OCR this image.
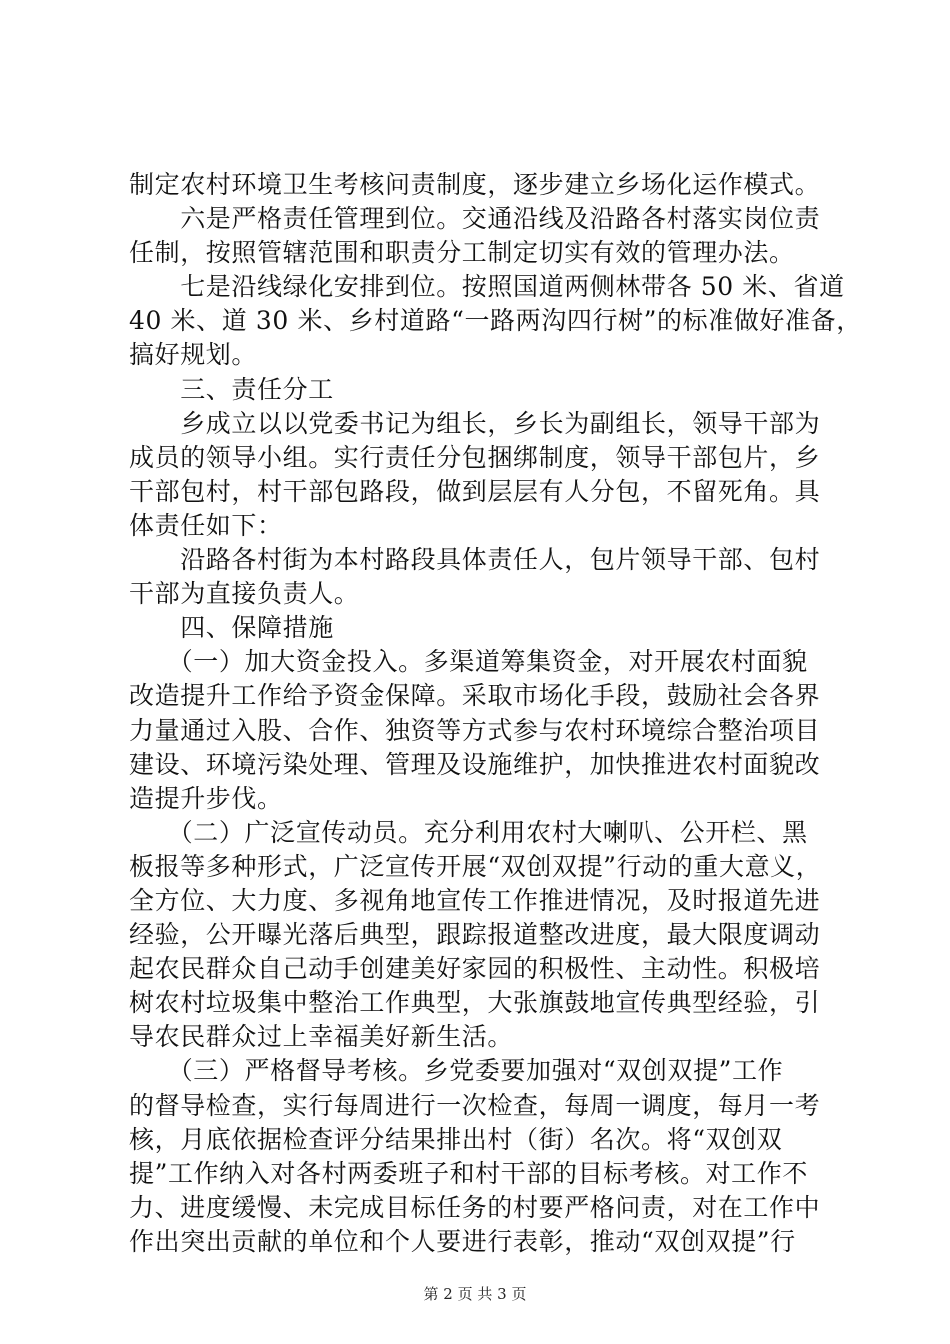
制定农村环境卫生考核问责制度，逐步建立乡场化运作模式。
　　六是严格责任管理到位。交通沿线及沿路各村落实岗位责
任制，按照管辖范围和职责分工制定切实有效的管理办法。
　　七是沿线绿化安排到位。按照国道两侧林带各 50 米、省道
40 米、道 30 米、乡村道路“一路两沟四行树”的标准做好准备，
搞好规划。
　　三、责任分工
　　乡成立以以党委书记为组长，乡长为副组长，领导干部为
成员的领导小组。实行责任分包捆绑制度，领导干部包片，乡
干部包村，村干部包路段，做到层层有人分包，不留死角。具
体责任如下：
　　沿路各村街为本村路段具体责任人，包片领导干部、包村
干部为直接负责人。
　　四、保障措施
　　（一）加大资金投入。多渠道筹集资金，对开展农村面貌
改造提升工作给予资金保障。采取市场化手段，鼓励社会各界
力量通过入股、合作、独资等方式参与农村环境综合整治项目
建设、环境污染处理、管理及设施维护，加快推进农村面貌改
造提升步伐。
　　（二）广泛宣传动员。充分利用农村大喇叭、公开栏、黑
板报等多种形式，广泛宣传开展“双创双提”行动的重大意义，
全方位、大力度、多视角地宣传工作推进情况，及时报道先进
经验，公开曝光落后典型，跟踪报道整改进度，最大限度调动
起农民群众自己动手创建美好家园的积极性、主动性。积极培
树农村垃圾集中整治工作典型，大张旗鼓地宣传典型经验，引
导农民群众过上幸福美好新生活。
　　（三）严格督导考核。乡党委要加强对“双创双提”工作
的督导检查，实行每周进行一次检查，每周一调度，每月一考
核，月底依据检查评分结果排出村（街）名次。将“双创双
提”工作纳入对各村两委班子和村干部的目标考核。对工作不
力、进度缓慢、未完成目标任务的村要严格问责，对在工作中
作出突出贡献的单位和个人要进行表彰，推动“双创双提”行
第 2 页 共 3 页
